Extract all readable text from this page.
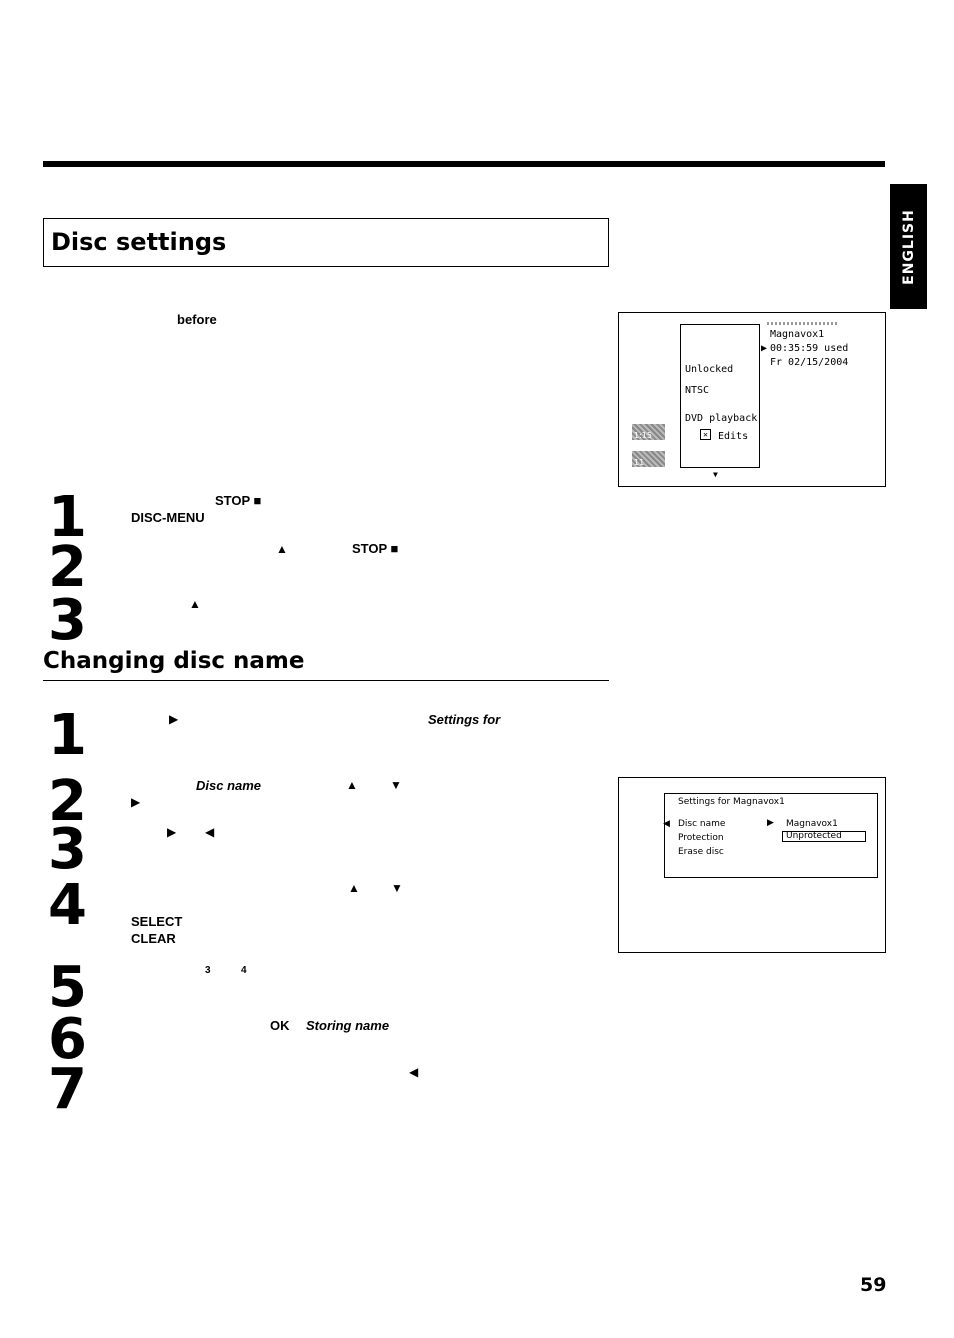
ENGLISH
Disc settings
before
1	STOP ■
DISC-MENU
2	▲	STOP ■
3	▲
Magnavox1
▶ 00:35:59 used
Fr 02/15/2004
Unlocked
NTSC
DVD playback
✕	Edits
▼
1:15
11
Changing disc name
1	▶	Settings for
2	Disc name	▲	▼
▶
3	▶ ◀
4	▲	▼
SELECT
CLEAR
5	3	4
6	OK Storing name
7	◀
Settings for Magnavox1
◀ Disc name	▶ Magnavox1
Protection	Unprotected
Erase disc
59
